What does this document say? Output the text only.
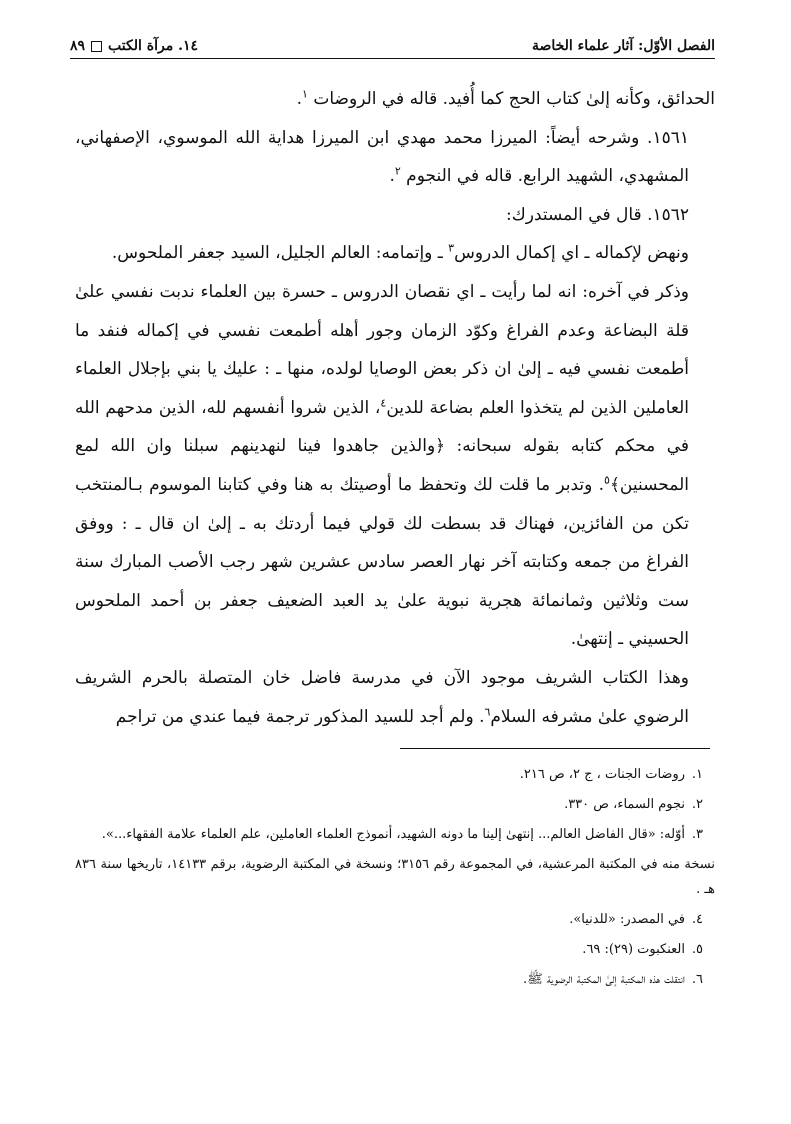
الفصل الأوّل: آثار علماء الخاصة
١٤. مرآة الكتب
٨٩

الحدائق، وكأنه إلىٰ كتاب الحج كما أُفيد. قاله في الروضات $^١$.

١٥٦١. وشرحه أيضاً: الميرزا محمد مهدي ابن الميرزا هداية الله الموسوي، الإصفهاني، المشهدي، الشهيد الرابع. قاله في النجوم $^٢$.

١٥٦٢. قال في المستدرك:

ونهض لإكماله ـ اي إكمال الدروس$^٣$ ـ وإتمامه: العالم الجليل، السيد جعفر الملحوس.

وذكر في آخره: انه لما رأيت ـ اي نقصان الدروس ـ حسرة بين العلماء ندبت نفسي علىٰ قلة البضاعة وعدم الفراغ وكوّد الزمان وجور أهله أطمعت نفسي في إكماله فنفد ما أطمعت نفسي فيه ـ إلىٰ ان ذكر بعض الوصايا لولده، منها ـ : عليك يا بني بإجلال العلماء العاملين الذين لم يتخذوا العلم بضاعة للدين$^٤$، الذين شروا أنفسهم لله، الذين مدحهم الله في محكم كتابه بقوله سبحانه: ﴿والذين جاهدوا فينا لنهدينهم سبلنا وان الله لمع المحسنين﴾$^٥$. وتدبر ما قلت لك وتحفظ ما أوصيتك به هنا وفي كتابنا الموسوم بـالمنتخب تكن من الفائزين، فهناك قد بسطت لك قولي فيما أردتك به ـ إلىٰ ان قال ـ : ووفق الفراغ من جمعه وكتابته آخر نهار العصر سادس عشرين شهر رجب الأصب المبارك سنة ست وثلاثين وثمانمائة هجرية نبوية علىٰ يد العبد الضعيف جعفر بن أحمد الملحوس الحسيني ـ إنتهىٰ.

وهذا الكتاب الشريف موجود الآن في مدرسة فاضل خان المتصلة بالحرم الشريف الرضوي علىٰ مشرفه السلام$^٦$. ولم أجد للسيد المذكور ترجمة فيما عندي من تراجم

١.
روضات الجنات ، ج ٢، ص ٢١٦.
٢.
نجوم السماء، ص ٣٣٠.
٣.
أوّله: «قال الفاضل العالم... إنتهىٰ إلينا ما دونه الشهيد، أنموذج العلماء العاملين، علم العلماء علامة الفقهاء...».

نسخة منه في المكتبة المرعشية، في المجموعة رقم ٣١٥٦؛ ونسخة في المكتبة الرضوية، برقم ١٤١٣٣، تاريخها سنة ٨٣٦ هـ .

٤.
في المصدر: «للدنيا».
٥.
العنكبوت (٢٩): ٦٩.
٦.
انتقلت هذه المكتبة إلىٰ المكتبة الرضوية ﷺ.
